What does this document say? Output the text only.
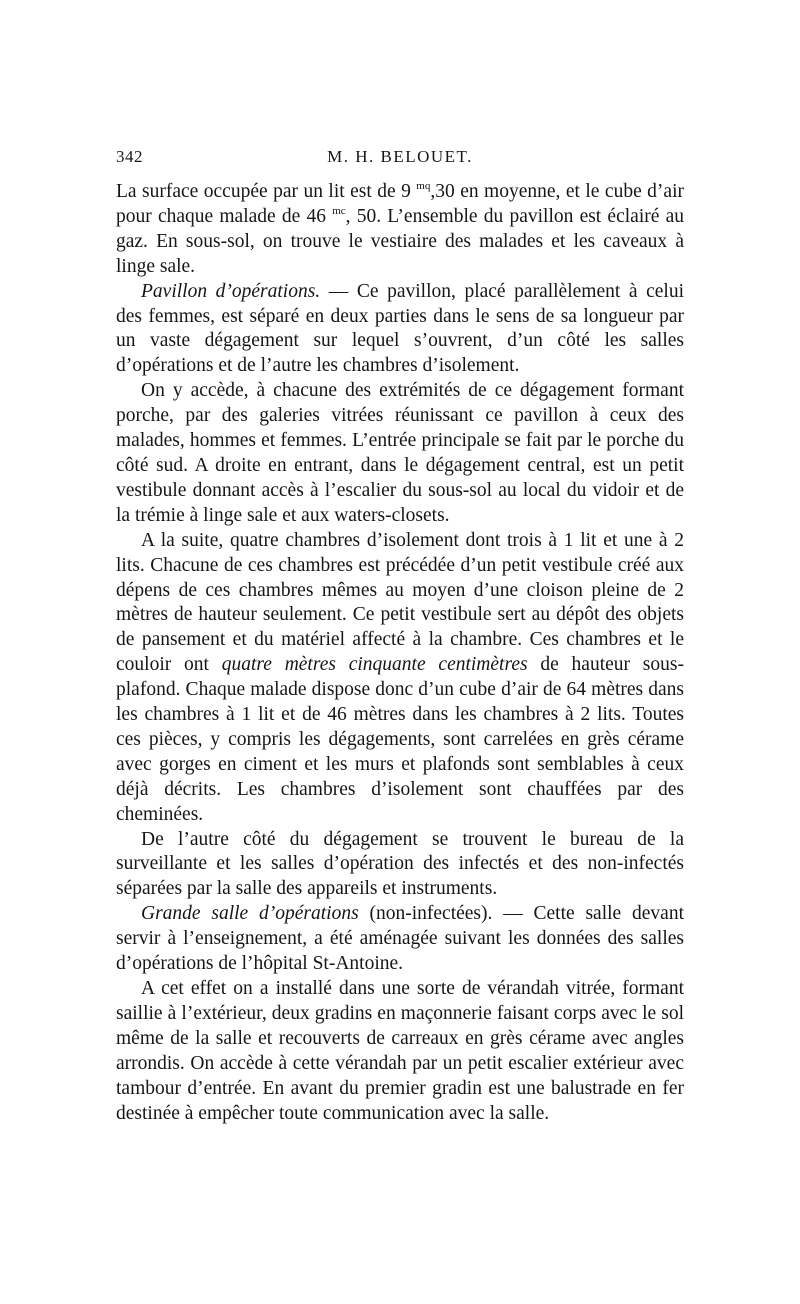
342	M. H. BELOUET.

La surface occupée par un lit est de 9 $^{mq}$,30 en moyenne, et le cube d’air pour chaque malade de 46 $^{mc}$, 50. L’ensemble du pavillon est éclairé au gaz. En sous-sol, on trouve le vestiaire des malades et les caveaux à linge sale.

Pavillon d’opérations. — Ce pavillon, placé parallèlement à celui des femmes, est séparé en deux parties dans le sens de sa longueur par un vaste dégagement sur lequel s’ouvrent, d’un côté les salles d’opérations et de l’autre les chambres d’isolement.

On y accède, à chacune des extrémités de ce dégagement formant porche, par des galeries vitrées réunissant ce pavillon à ceux des malades, hommes et femmes. L’entrée principale se fait par le porche du côté sud. A droite en entrant, dans le dégagement central, est un petit vestibule donnant accès à l’escalier du sous-sol au local du vidoir et de la trémie à linge sale et aux waters-closets.

A la suite, quatre chambres d’isolement dont trois à 1 lit et une à 2 lits. Chacune de ces chambres est précédée d’un petit vestibule créé aux dépens de ces chambres mêmes au moyen d’une cloison pleine de 2 mètres de hauteur seulement. Ce petit vestibule sert au dépôt des objets de pansement et du matériel affecté à la chambre. Ces chambres et le couloir ont quatre mètres cinquante centimètres de hauteur sous-plafond. Chaque malade dispose donc d’un cube d’air de 64 mètres dans les chambres à 1 lit et de 46 mètres dans les chambres à 2 lits. Toutes ces pièces, y compris les dégagements, sont carrelées en grès cérame avec gorges en ciment et les murs et plafonds sont semblables à ceux déjà décrits. Les chambres d’isolement sont chauffées par des cheminées.

De l’autre côté du dégagement se trouvent le bureau de la surveillante et les salles d’opération des infectés et des non-infectés séparées par la salle des appareils et instruments.

Grande salle d’opérations (non-infectées). — Cette salle devant servir à l’enseignement, a été aménagée suivant les données des salles d’opérations de l’hôpital St-Antoine.

A cet effet on a installé dans une sorte de vérandah vitrée, formant saillie à l’extérieur, deux gradins en maçonnerie faisant corps avec le sol même de la salle et recouverts de carreaux en grès cérame avec angles arrondis. On accède à cette vérandah par un petit escalier extérieur avec tambour d’entrée. En avant du premier gradin est une balustrade en fer destinée à empêcher toute communication avec la salle.
